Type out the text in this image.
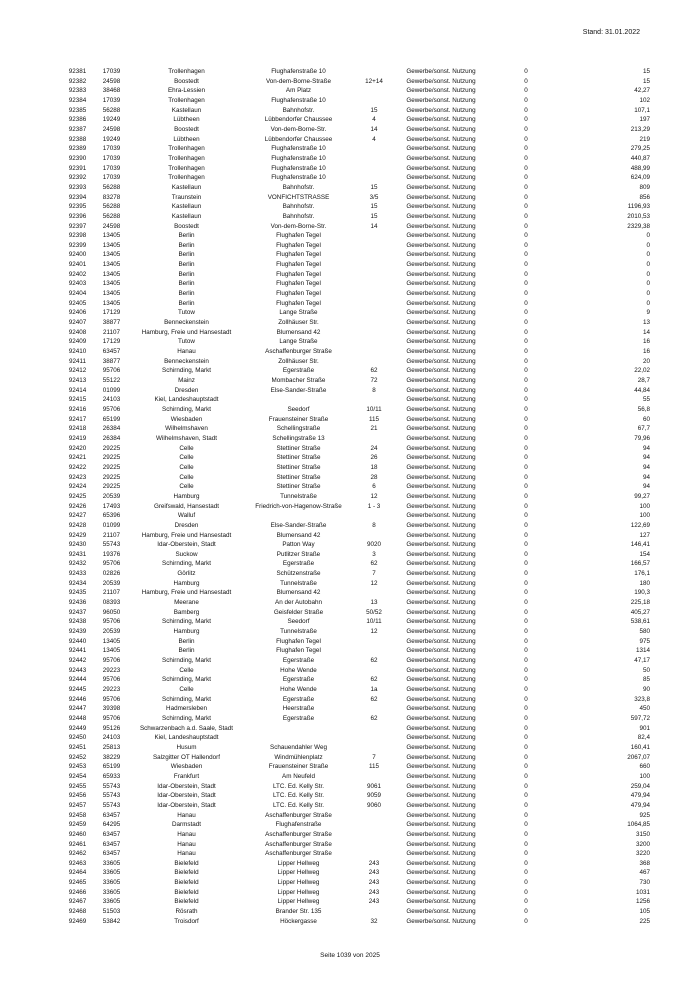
Stand: 31.01.2022
92381	17039	Trollenhagen	Flughafenstraße 10		Gewerbe/sonst. Nutzung	0	15
92382	24598	Boostedt	Von-dem-Borne-Straße	12+14	Gewerbe/sonst. Nutzung	0	15
92383	38468	Ehra-Lessien	Am Platz		Gewerbe/sonst. Nutzung	0	42,27
92384	17039	Trollenhagen	Flughafenstraße 10		Gewerbe/sonst. Nutzung	0	102
92385	56288	Kastellaun	Bahnhofstr.	15	Gewerbe/sonst. Nutzung	0	107,1
92386	19249	Lübtheen	Lübbendorfer Chaussee	4	Gewerbe/sonst. Nutzung	0	197
92387	24598	Boostedt	Von-dem-Borne-Str.	14	Gewerbe/sonst. Nutzung	0	213,29
92388	19249	Lübtheen	Lübbendorfer Chaussee	4	Gewerbe/sonst. Nutzung	0	219
92389	17039	Trollenhagen	Flughafenstraße 10		Gewerbe/sonst. Nutzung	0	279,25
92390	17039	Trollenhagen	Flughafenstraße 10		Gewerbe/sonst. Nutzung	0	440,87
92391	17039	Trollenhagen	Flughafenstraße 10		Gewerbe/sonst. Nutzung	0	488,99
92392	17039	Trollenhagen	Flughafenstraße 10		Gewerbe/sonst. Nutzung	0	624,09
92393	56288	Kastellaun	Bahnhofstr.	15	Gewerbe/sonst. Nutzung	0	809
92394	83278	Traunstein	VONFICHTSTRASSE	3/5	Gewerbe/sonst. Nutzung	0	856
92395	56288	Kastellaun	Bahnhofstr.	15	Gewerbe/sonst. Nutzung	0	1196,93
92396	56288	Kastellaun	Bahnhofstr.	15	Gewerbe/sonst. Nutzung	0	2010,53
92397	24598	Boostedt	Von-dem-Borne-Str.	14	Gewerbe/sonst. Nutzung	0	2329,38
92398	13405	Berlin	Flughafen Tegel		Gewerbe/sonst. Nutzung	0	0
92399	13405	Berlin	Flughafen Tegel		Gewerbe/sonst. Nutzung	0	0
92400	13405	Berlin	Flughafen Tegel		Gewerbe/sonst. Nutzung	0	0
92401	13405	Berlin	Flughafen Tegel		Gewerbe/sonst. Nutzung	0	0
92402	13405	Berlin	Flughafen Tegel		Gewerbe/sonst. Nutzung	0	0
92403	13405	Berlin	Flughafen Tegel		Gewerbe/sonst. Nutzung	0	0
92404	13405	Berlin	Flughafen Tegel		Gewerbe/sonst. Nutzung	0	0
92405	13405	Berlin	Flughafen Tegel		Gewerbe/sonst. Nutzung	0	0
92406	17129	Tutow	Lange Straße		Gewerbe/sonst. Nutzung	0	9
92407	38877	Benneckenstein	Zollhäuser Str.		Gewerbe/sonst. Nutzung	0	13
92408	21107	Hamburg, Freie und Hansestadt	Blumensand 42		Gewerbe/sonst. Nutzung	0	14
92409	17129	Tutow	Lange Straße		Gewerbe/sonst. Nutzung	0	16
92410	63457	Hanau	Aschaffenburger Straße		Gewerbe/sonst. Nutzung	0	16
92411	38877	Benneckenstein	Zollhäuser Str.		Gewerbe/sonst. Nutzung	0	20
92412	95706	Schirnding, Markt	Egerstraße	62	Gewerbe/sonst. Nutzung	0	22,02
92413	55122	Mainz	Mombacher Straße	72	Gewerbe/sonst. Nutzung	0	28,7
92414	01099	Dresden	Else-Sander-Straße	8	Gewerbe/sonst. Nutzung	0	44,84
92415	24103	Kiel, Landeshauptstadt			Gewerbe/sonst. Nutzung	0	55
92416	95706	Schirnding, Markt	Seedorf	10/11	Gewerbe/sonst. Nutzung	0	56,8
92417	65199	Wiesbaden	Frauensteiner Straße	115	Gewerbe/sonst. Nutzung	0	60
92418	26384	Wilhelmshaven	Schellingstraße	21	Gewerbe/sonst. Nutzung	0	67,7
92419	26384	Wilhelmshaven, Stadt	Schellingstraße 13		Gewerbe/sonst. Nutzung	0	79,96
92420	29225	Celle	Stettiner Straße	24	Gewerbe/sonst. Nutzung	0	94
92421	29225	Celle	Stettiner Straße	26	Gewerbe/sonst. Nutzung	0	94
92422	29225	Celle	Stettiner Straße	18	Gewerbe/sonst. Nutzung	0	94
92423	29225	Celle	Stettiner Straße	28	Gewerbe/sonst. Nutzung	0	94
92424	29225	Celle	Stettiner Straße	6	Gewerbe/sonst. Nutzung	0	94
92425	20539	Hamburg	Tunnelstraße	12	Gewerbe/sonst. Nutzung	0	99,27
92426	17493	Greifswald, Hansestadt	Friedrich-von-Hagenow-Straße	1 - 3	Gewerbe/sonst. Nutzung	0	100
92427	65396	Walluf			Gewerbe/sonst. Nutzung	0	100
92428	01099	Dresden	Else-Sander-Straße	8	Gewerbe/sonst. Nutzung	0	122,69
92429	21107	Hamburg, Freie und Hansestadt	Blumensand 42		Gewerbe/sonst. Nutzung	0	127
92430	55743	Idar-Oberstein, Stadt	Patton Way	9020	Gewerbe/sonst. Nutzung	0	146,41
92431	19376	Suckow	Putlitzer Straße	3	Gewerbe/sonst. Nutzung	0	154
92432	95706	Schirnding, Markt	Egerstraße	62	Gewerbe/sonst. Nutzung	0	166,57
92433	02826	Görlitz	Schützenstraße	7	Gewerbe/sonst. Nutzung	0	176,1
92434	20539	Hamburg	Tunnelstraße	12	Gewerbe/sonst. Nutzung	0	180
92435	21107	Hamburg, Freie und Hansestadt	Blumensand 42		Gewerbe/sonst. Nutzung	0	190,3
92436	08393	Meerane	An der Autobahn	13	Gewerbe/sonst. Nutzung	0	225,18
92437	96050	Bamberg	Geisfelder Straße	50/52	Gewerbe/sonst. Nutzung	0	405,27
92438	95706	Schirnding, Markt	Seedorf	10/11	Gewerbe/sonst. Nutzung	0	538,61
92439	20539	Hamburg	Tunnelstraße	12	Gewerbe/sonst. Nutzung	0	580
92440	13405	Berlin	Flughafen Tegel		Gewerbe/sonst. Nutzung	0	975
92441	13405	Berlin	Flughafen Tegel		Gewerbe/sonst. Nutzung	0	1314
92442	95706	Schirnding, Markt	Egerstraße	62	Gewerbe/sonst. Nutzung	0	47,17
92443	29223	Celle	Hohe Wende		Gewerbe/sonst. Nutzung	0	50
92444	95706	Schirnding, Markt	Egerstraße	62	Gewerbe/sonst. Nutzung	0	85
92445	29223	Celle	Hohe Wende	1a	Gewerbe/sonst. Nutzung	0	90
92446	95706	Schirnding, Markt	Egerstraße	62	Gewerbe/sonst. Nutzung	0	323,8
92447	39398	Hadmersleben	Heerstraße		Gewerbe/sonst. Nutzung	0	450
92448	95706	Schirnding, Markt	Egerstraße	62	Gewerbe/sonst. Nutzung	0	597,72
92449	95126	Schwarzenbach a.d. Saale, Stadt			Gewerbe/sonst. Nutzung	0	901
92450	24103	Kiel, Landeshauptstadt			Gewerbe/sonst. Nutzung	0	82,4
92451	25813	Husum	Schauendahler Weg		Gewerbe/sonst. Nutzung	0	160,41
92452	38229	Salzgitter OT Hallendorf	Windmühlenplatz	7	Gewerbe/sonst. Nutzung	0	2067,07
92453	65199	Wiesbaden	Frauensteiner Straße	115	Gewerbe/sonst. Nutzung	0	660
92454	65933	Frankfurt	Am Neufeld		Gewerbe/sonst. Nutzung	0	100
92455	55743	Idar-Oberstein, Stadt	LTC. Ed. Kelly Str.	9061	Gewerbe/sonst. Nutzung	0	259,04
92456	55743	Idar-Oberstein, Stadt	LTC. Ed. Kelly Str.	9059	Gewerbe/sonst. Nutzung	0	479,94
92457	55743	Idar-Oberstein, Stadt	LTC. Ed. Kelly Str.	9060	Gewerbe/sonst. Nutzung	0	479,94
92458	63457	Hanau	Aschaffenburger Straße		Gewerbe/sonst. Nutzung	0	925
92459	64295	Darmstadt	Flughafenstraße		Gewerbe/sonst. Nutzung	0	1064,85
92460	63457	Hanau	Aschaffenburger Straße		Gewerbe/sonst. Nutzung	0	3150
92461	63457	Hanau	Aschaffenburger Straße		Gewerbe/sonst. Nutzung	0	3200
92462	63457	Hanau	Aschaffenburger Straße		Gewerbe/sonst. Nutzung	0	3220
92463	33605	Bielefeld	Lipper Hellweg	243	Gewerbe/sonst. Nutzung	0	368
92464	33605	Bielefeld	Lipper Hellweg	243	Gewerbe/sonst. Nutzung	0	467
92465	33605	Bielefeld	Lipper Hellweg	243	Gewerbe/sonst. Nutzung	0	730
92466	33605	Bielefeld	Lipper Hellweg	243	Gewerbe/sonst. Nutzung	0	1031
92467	33605	Bielefeld	Lipper Hellweg	243	Gewerbe/sonst. Nutzung	0	1256
92468	51503	Rösrath	Brander Str. 135		Gewerbe/sonst. Nutzung	0	105
92469	53842	Troisdorf	Höckergasse	32	Gewerbe/sonst. Nutzung	0	225
Seite 1039 von 2025
